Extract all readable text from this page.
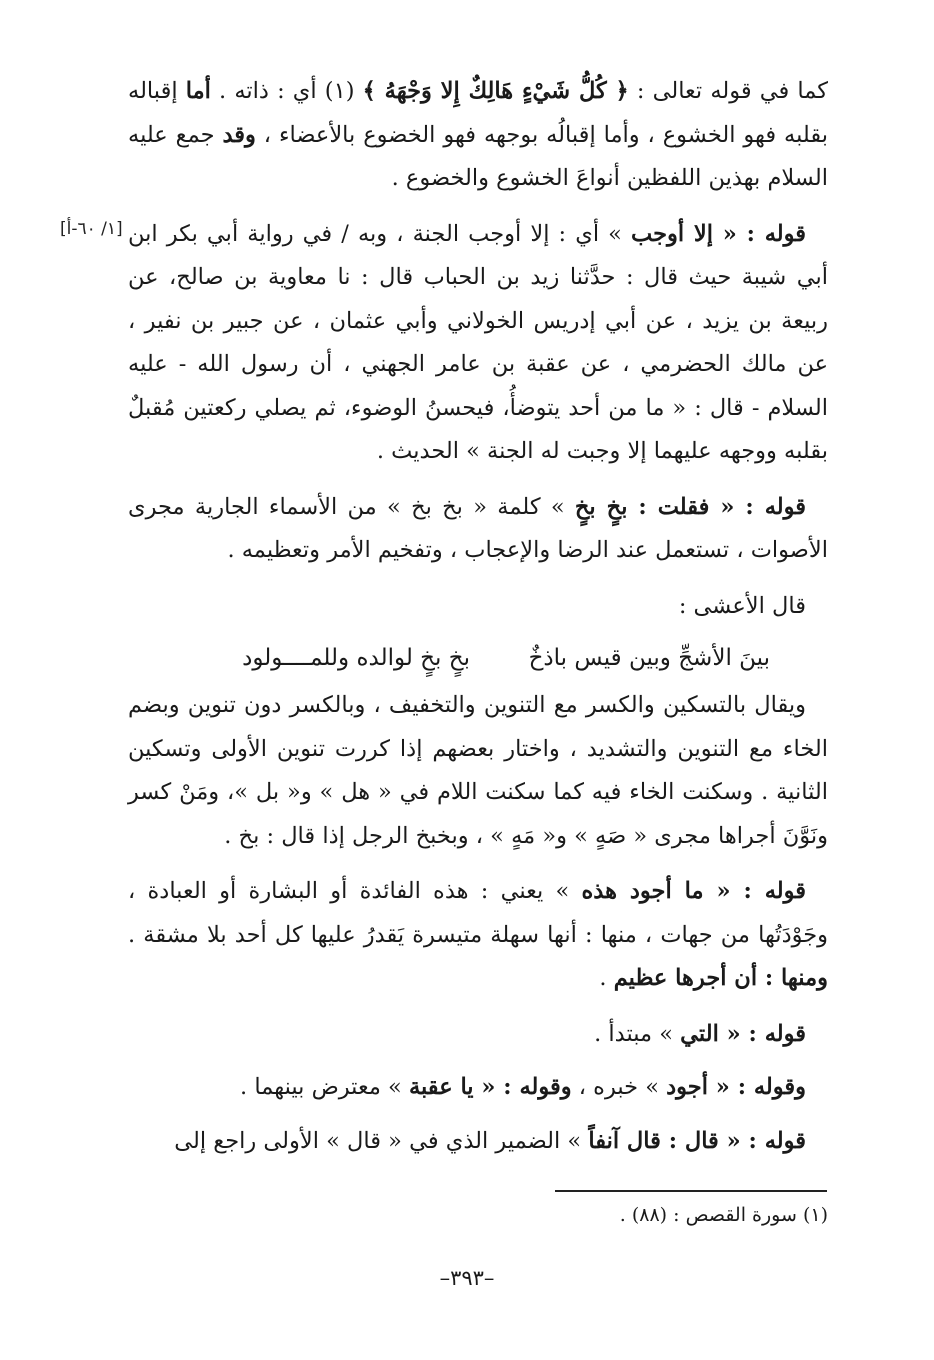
[١/ ٦٠-أ]

كما في قوله تعالى : ﴿ كُلُّ شَيْءٍ هَالِكٌ إِلا وَجْهَهُ ﴾ (١) أي : ذاته . أما إقباله بقلبه فهو الخشوع ، وأما إقبالُه بوجهه فهو الخضوع بالأعضاء ، وقد جمع عليه السلام بهذين اللفظين أنواعَ الخشوع والخضوع .

قوله : « إلا أوجب » أي : إلا أوجب الجنة ، وبه / في رواية أبي بكر ابن أبي شيبة حيث قال : حدَّثنا زيد بن الحباب قال : نا معاوية بن صالح، عن ربيعة بن يزيد ، عن أبي إدريس الخولاني وأبي عثمان ، عن جبير بن نفير ، عن مالك الحضرمي ، عن عقبة بن عامر الجهني ، أن رسول الله - عليه السلام - قال : « ما من أحد يتوضأُ، فيحسنُ الوضوء، ثم يصلي ركعتين مُقبلٌ بقلبه ووجهه عليهما إلا وجبت له الجنة » الحديث .

قوله : « فقلت : بخٍ بخٍ » كلمة « بخ بخ » من الأسماء الجارية مجرى الأصوات ، تستعمل عند الرضا والإعجاب ، وتفخيم الأمر وتعظيمه .

قال الأعشى :

بينَ الأشجِّ وبين قيس باذخٌ
بخٍ بخٍ لوالده وللمــــولود

ويقال بالتسكين والكسر مع التنوين والتخفيف ، وبالكسر دون تنوين وبضم الخاء مع التنوين والتشديد ، واختار بعضهم إذا كررت تنوين الأولى وتسكين الثانية . وسكنت الخاء فيه كما سكنت اللام في « هل » و« بل »، ومَنْ كسر ونَوَّنَ أجراها مجرى « صَهٍ » و« مَهٍ » ، وبخبخ الرجل إذا قال : بخ .

قوله : « ما أجود هذه » يعني : هذه الفائدة أو البشارة أو العبادة ، وجَوْدَتُها من جهات ، منها : أنها سهلة متيسرة يَقدرُ عليها كل أحد بلا مشقة . ومنها : أن أجرها عظيم .

قوله : « التي » مبتدأ .

وقوله : « أجود » خبره ، وقوله : « يا عقبة » معترض بينهما .

قوله : « قال : قال آنفاً » الضمير الذي في « قال » الأولى راجع إلى

(١) سورة القصص : (٨٨) .

–٣٩٣–
